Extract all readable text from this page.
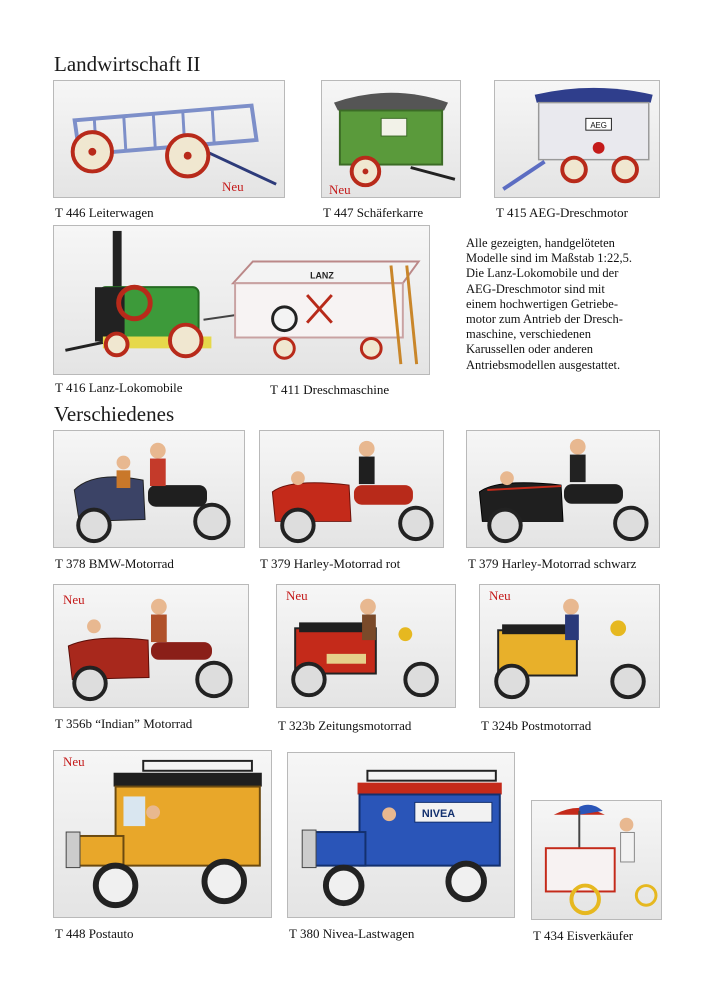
Landwirtschaft II
Neu
T 446 Leiterwagen
Neu
T 447 Schäferkarre
AEG
T 415 AEG-Dreschmotor
LANZ
T 416 Lanz-Lokomobile	T 411 Dreschmaschine
Alle gezeigten, handgelöteten
Modelle sind im Maßstab 1:22,5.
Die Lanz-Lokomobile und der
AEG-Dreschmotor sind mit
einem hochwertigen Getriebe-
motor zum Antrieb der Dresch-
maschine, verschiedenen
Karussellen oder anderen
Antriebsmodellen ausgestattet.
Verschiedenes
T 378 BMW-Motorrad	T 379 Harley-Motorrad rot	T 379 Harley-Motorrad schwarz
Neu
T 356b “Indian” Motorrad
Neu
T 323b Zeitungsmotorrad
Neu
T 324b Postmotorrad
Neu
T 448 Postauto
NIVEA
T 380 Nivea-Lastwagen	T 434 Eisverkäufer
